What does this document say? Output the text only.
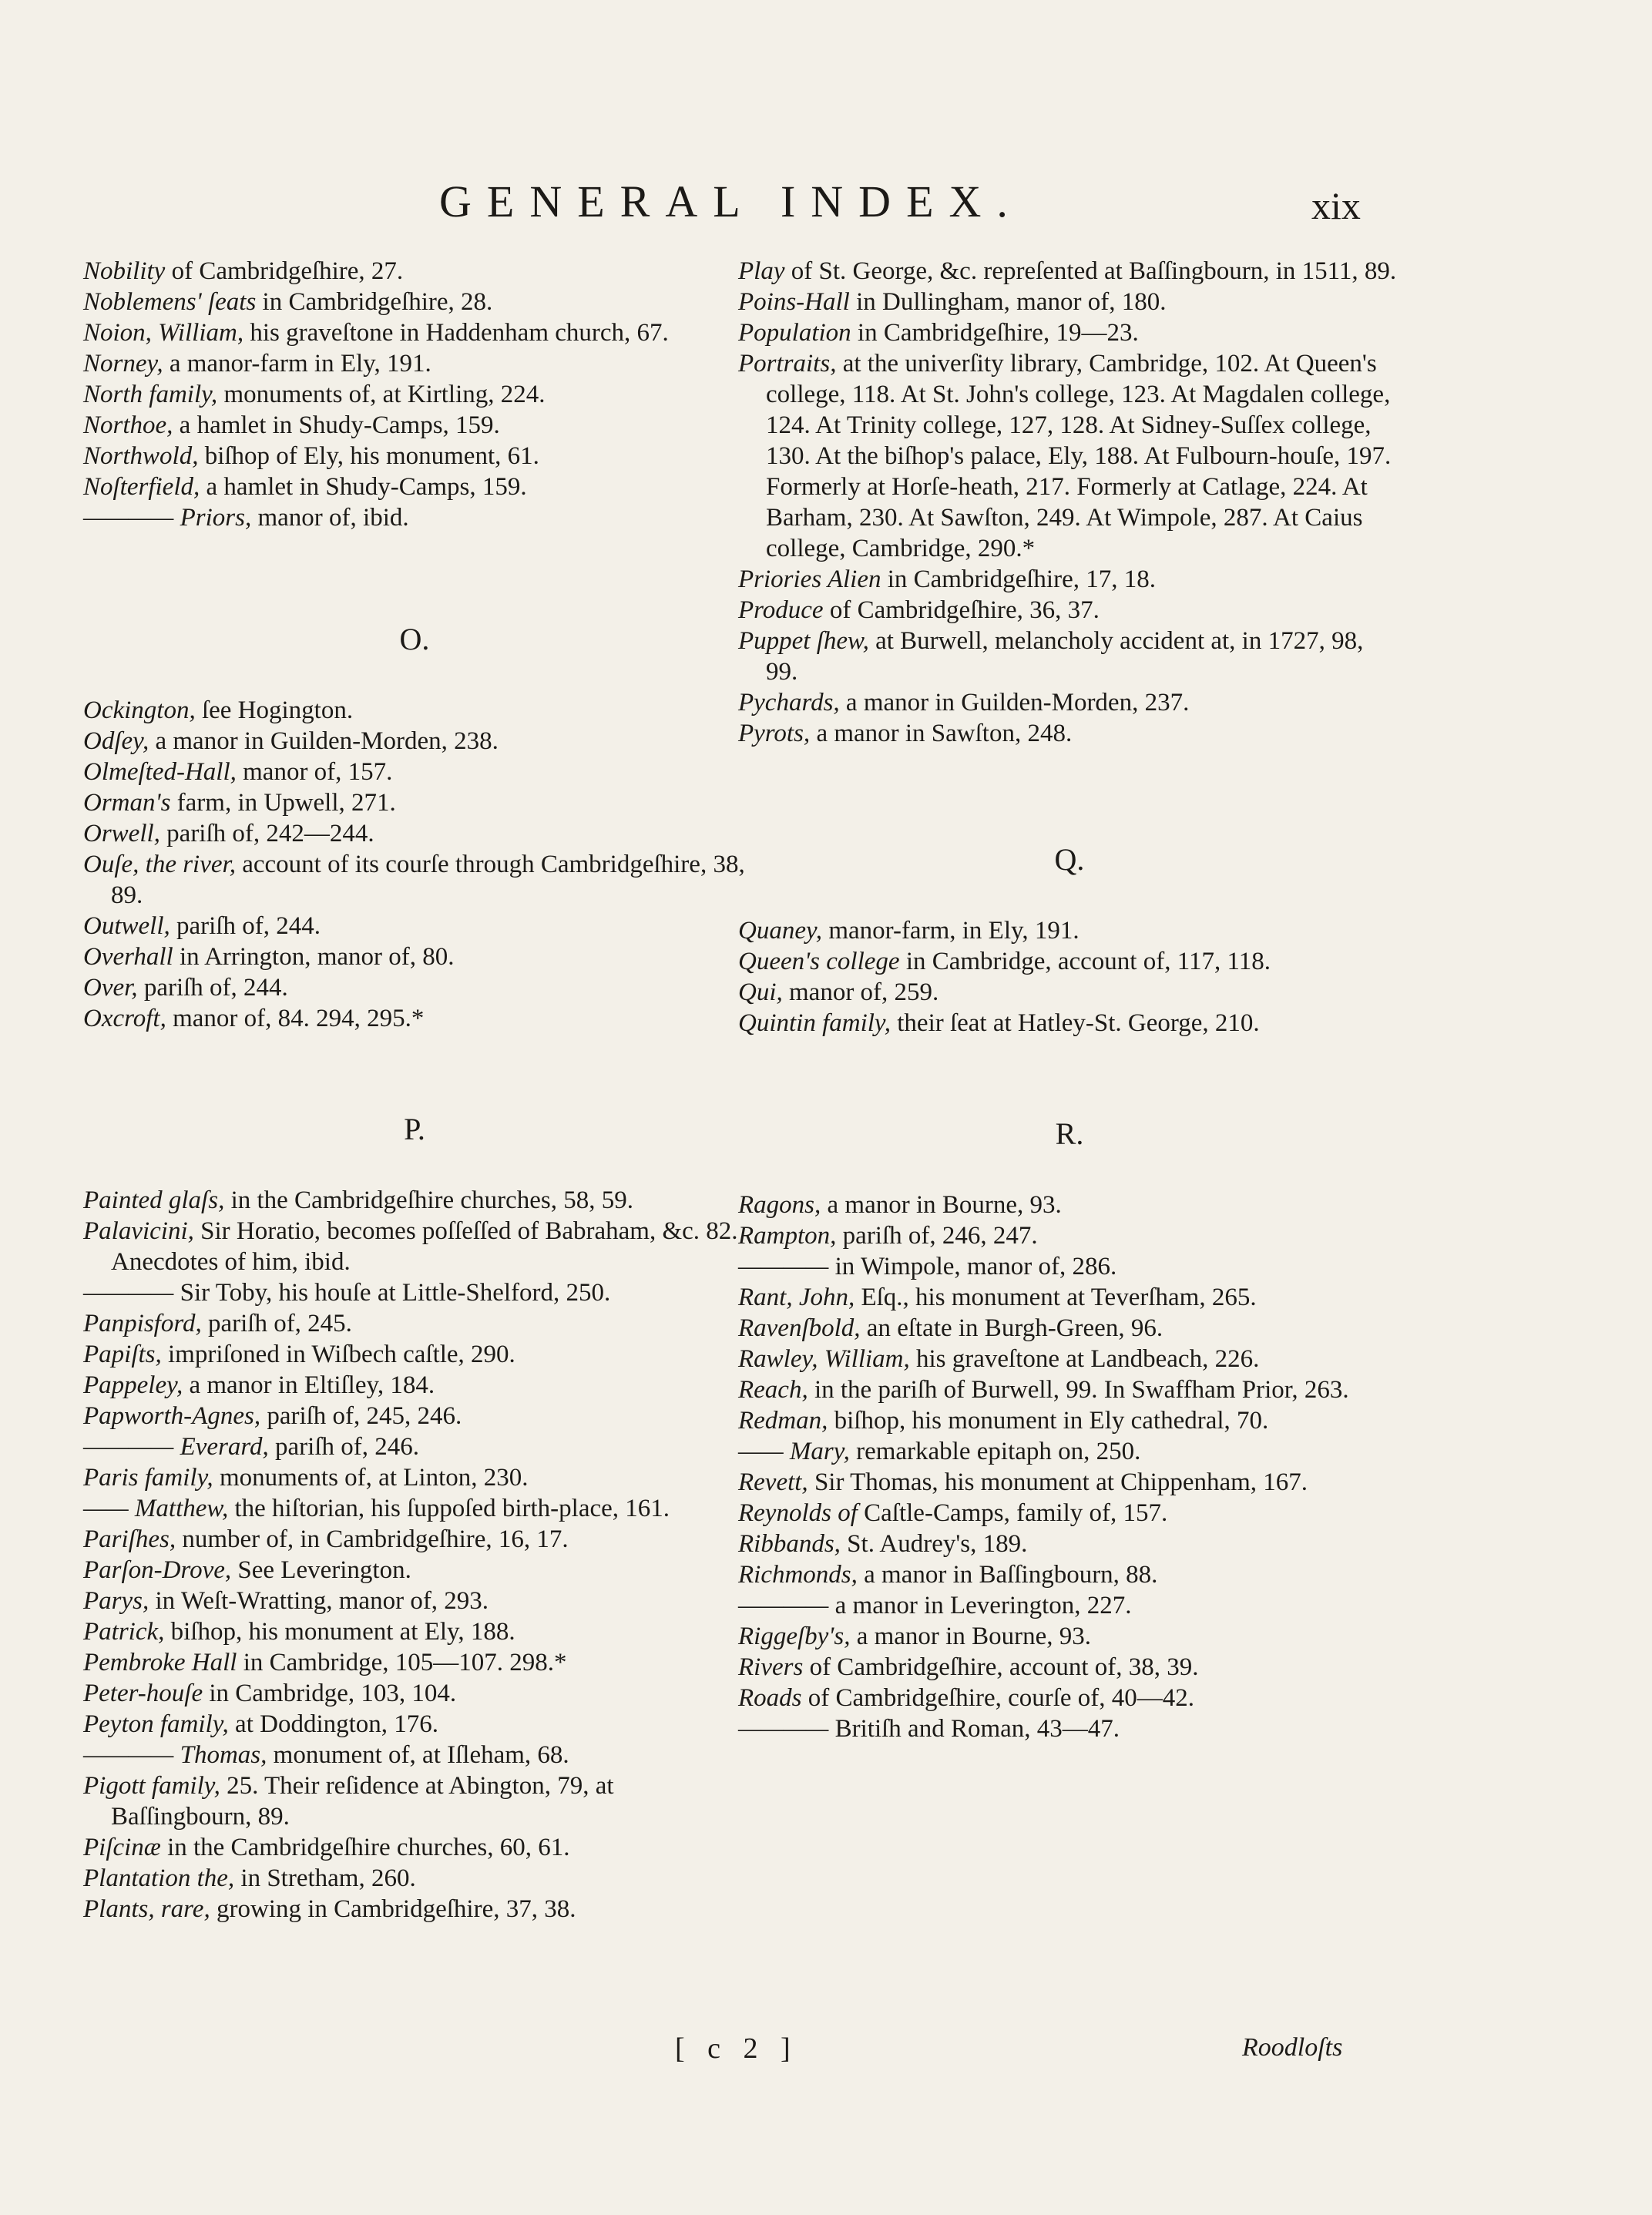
GENERAL INDEX.	xix
Nobility of Cambridgeſhire, 27.
Noblemens' ſeats in Cambridgeſhire, 28.
Noion, William, his graveſtone in Haddenham church, 67.
Norney, a manor-farm in Ely, 191.
North family, monuments of, at Kirtling, 224.
Northoe, a hamlet in Shudy-Camps, 159.
Northwold, biſhop of Ely, his monument, 61.
Noſterfield, a hamlet in Shudy-Camps, 159.
———— Priors, manor of, ibid.
O.
Ockington, ſee Hogington.
Odſey, a manor in Guilden-Morden, 238.
Olmeſted-Hall, manor of, 157.
Orman's farm, in Upwell, 271.
Orwell, pariſh of, 242—244.
Ouſe, the river, account of its courſe through Cambridgeſhire, 38, 89.
Outwell, pariſh of, 244.
Overhall in Arrington, manor of, 80.
Over, pariſh of, 244.
Oxcroft, manor of, 84. 294, 295.*
P.
Painted glaſs, in the Cambridgeſhire churches, 58, 59.
Palavicini, Sir Horatio, becomes poſſeſſed of Babraham, &c. 82. Anecdotes of him, ibid.
———— Sir Toby, his houſe at Little-Shelford, 250.
Panpisford, pariſh of, 245.
Papiſts, impriſoned in Wiſbech caſtle, 290.
Pappeley, a manor in Eltiſley, 184.
Papworth-Agnes, pariſh of, 245, 246.
———— Everard, pariſh of, 246.
Paris family, monuments of, at Linton, 230.
—— Matthew, the hiſtorian, his ſuppoſed birth-place, 161.
Pariſhes, number of, in Cambridgeſhire, 16, 17.
Parſon-Drove, See Leverington.
Parys, in Weſt-Wratting, manor of, 293.
Patrick, biſhop, his monument at Ely, 188.
Pembroke Hall in Cambridge, 105—107. 298.*
Peter-houſe in Cambridge, 103, 104.
Peyton family, at Doddington, 176.
———— Thomas, monument of, at Iſleham, 68.
Pigott family, 25. Their reſidence at Abington, 79, at Baſſingbourn, 89.
Piſcinæ in the Cambridgeſhire churches, 60, 61.
Plantation the, in Stretham, 260.
Plants, rare, growing in Cambridgeſhire, 37, 38.
Play of St. George, &c. repreſented at Baſſingbourn, in 1511, 89.
Poins-Hall in Dullingham, manor of, 180.
Population in Cambridgeſhire, 19—23.
Portraits, at the univerſity library, Cambridge, 102. At Queen's college, 118. At St. John's college, 123. At Magdalen college, 124. At Trinity college, 127, 128. At Sidney-Suſſex college, 130. At the biſhop's palace, Ely, 188. At Fulbourn-houſe, 197. Formerly at Horſe-heath, 217. Formerly at Catlage, 224. At Barham, 230. At Sawſton, 249. At Wimpole, 287. At Caius college, Cambridge, 290.*
Priories Alien in Cambridgeſhire, 17, 18.
Produce of Cambridgeſhire, 36, 37.
Puppet ſhew, at Burwell, melancholy accident at, in 1727, 98, 99.
Pychards, a manor in Guilden-Morden, 237.
Pyrots, a manor in Sawſton, 248.
Q.
Quaney, manor-farm, in Ely, 191.
Queen's college in Cambridge, account of, 117, 118.
Qui, manor of, 259.
Quintin family, their ſeat at Hatley-St. George, 210.
R.
Ragons, a manor in Bourne, 93.
Rampton, pariſh of, 246, 247.
———— in Wimpole, manor of, 286.
Rant, John, Eſq., his monument at Teverſham, 265.
Ravenſbold, an eſtate in Burgh-Green, 96.
Rawley, William, his graveſtone at Landbeach, 226.
Reach, in the pariſh of Burwell, 99. In Swaffham Prior, 263.
Redman, biſhop, his monument in Ely cathedral, 70.
—— Mary, remarkable epitaph on, 250.
Revett, Sir Thomas, his monument at Chippenham, 167.
Reynolds of Caſtle-Camps, family of, 157.
Ribbands, St. Audrey's, 189.
Richmonds, a manor in Baſſingbourn, 88.
———— a manor in Leverington, 227.
Riggeſby's, a manor in Bourne, 93.
Rivers of Cambridgeſhire, account of, 38, 39.
Roads of Cambridgeſhire, courſe of, 40—42.
———— Britiſh and Roman, 43—47.
[ c 2 ]	Roodloſts
